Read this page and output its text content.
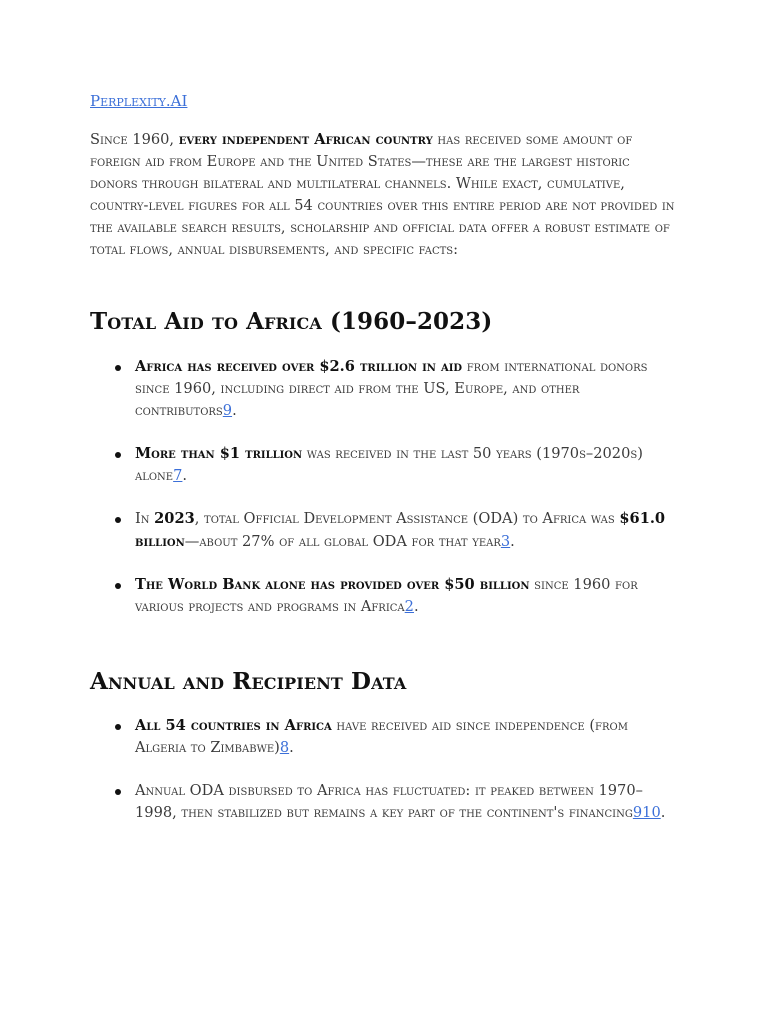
Perplexity.AI

Since 1960, every independent African country has received some amount of foreign aid from Europe and the United States—these are the largest historic donors through bilateral and multilateral channels. While exact, cumulative, country-level figures for all 54 countries over this entire period are not provided in the available search results, scholarship and official data offer a robust estimate of total flows, annual disbursements, and specific facts:

Total Aid to Africa (1960–2023)
Africa has received over $2.6 trillion in aid from international donors since 1960, including direct aid from the US, Europe, and other contributors9.
More than $1 trillion was received in the last 50 years (1970s–2020s) alone7.
In 2023, total Official Development Assistance (ODA) to Africa was $61.0 billion—about 27% of all global ODA for that year3.
The World Bank alone has provided over $50 billion since 1960 for various projects and programs in Africa2.
Annual and Recipient Data
All 54 countries in Africa have received aid since independence (from Algeria to Zimbabwe)8.
Annual ODA disbursed to Africa has fluctuated: it peaked between 1970–1998, then stabilized but remains a key part of the continent's financing910.
